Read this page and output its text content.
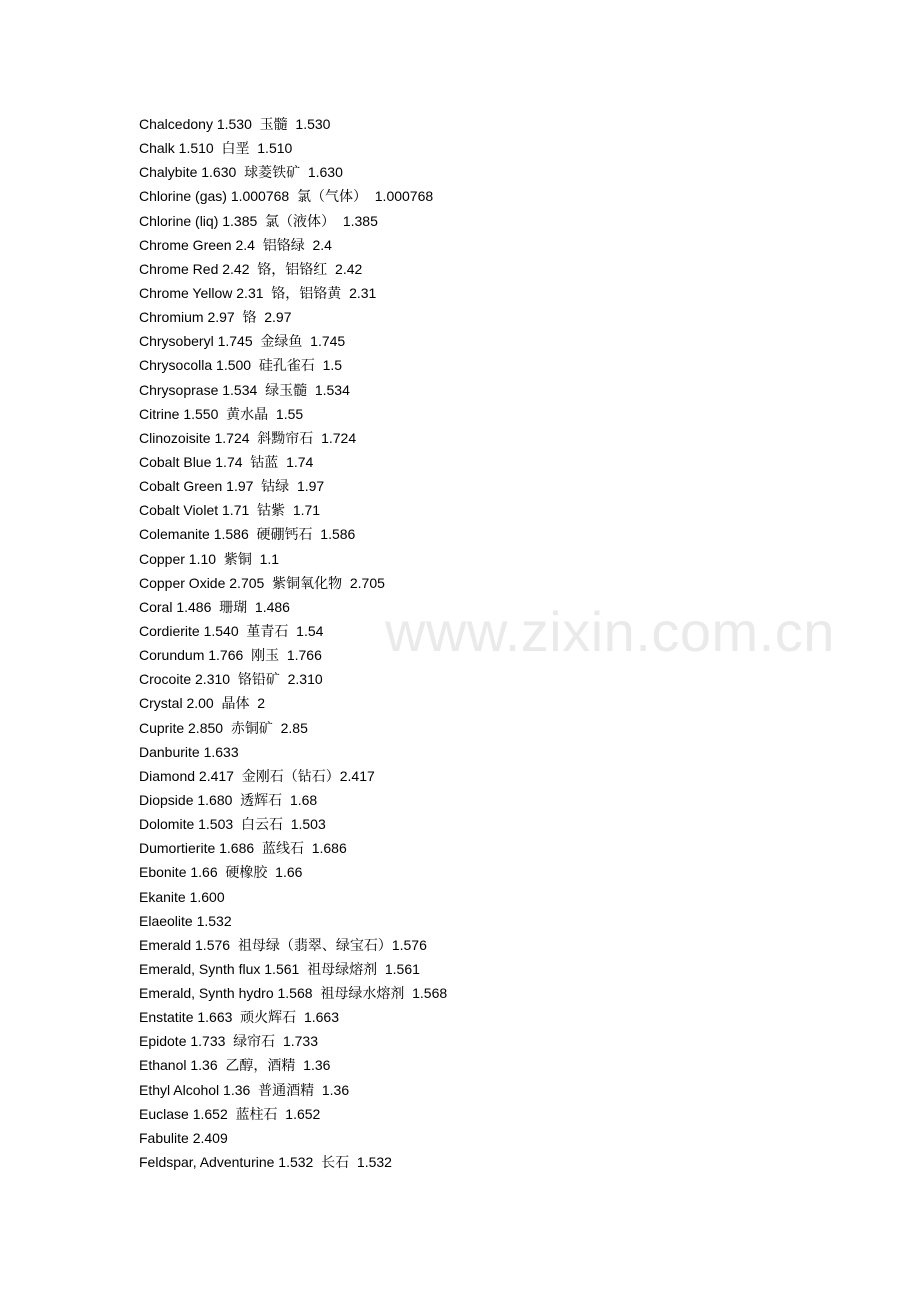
www.zixin.com.cn
Chalcedony 1.530  玉髓  1.530
Chalk 1.510  白垩  1.510
Chalybite 1.630  球菱铁矿  1.630
Chlorine (gas) 1.000768  氯（气体）  1.000768
Chlorine (liq) 1.385  氯（液体）  1.385
Chrome Green 2.4  铝铬绿  2.4
Chrome Red 2.42  铬，铝铬红  2.42
Chrome Yellow 2.31  铬，铝铬黄  2.31
Chromium 2.97  铬  2.97
Chrysoberyl 1.745  金绿鱼  1.745
Chrysocolla 1.500  硅孔雀石  1.5
Chrysoprase 1.534  绿玉髓  1.534
Citrine 1.550  黄水晶  1.55
Clinozoisite 1.724  斜黝帘石  1.724
Cobalt Blue 1.74  钴蓝  1.74
Cobalt Green 1.97  钴绿  1.97
Cobalt Violet 1.71  钴紫  1.71
Colemanite 1.586  硬硼钙石  1.586
Copper 1.10  紫铜  1.1
Copper Oxide 2.705  紫铜氧化物  2.705
Coral 1.486  珊瑚  1.486
Cordierite 1.540  堇青石  1.54
Corundum 1.766  刚玉  1.766
Crocoite 2.310  铬铅矿  2.310
Crystal 2.00  晶体  2
Cuprite 2.850  赤铜矿  2.85
Danburite 1.633
Diamond 2.417  金刚石（钻石）2.417
Diopside 1.680  透辉石  1.68
Dolomite 1.503  白云石  1.503
Dumortierite 1.686  蓝线石  1.686
Ebonite 1.66  硬橡胶  1.66
Ekanite 1.600
Elaeolite 1.532
Emerald 1.576  祖母绿（翡翠、绿宝石）1.576
Emerald, Synth flux 1.561  祖母绿熔剂  1.561
Emerald, Synth hydro 1.568  祖母绿水熔剂  1.568
Enstatite 1.663  顽火辉石  1.663
Epidote 1.733  绿帘石  1.733
Ethanol 1.36  乙醇，酒精  1.36
Ethyl Alcohol 1.36  普通酒精  1.36
Euclase 1.652  蓝柱石  1.652
Fabulite 2.409
Feldspar, Adventurine 1.532  长石  1.532
